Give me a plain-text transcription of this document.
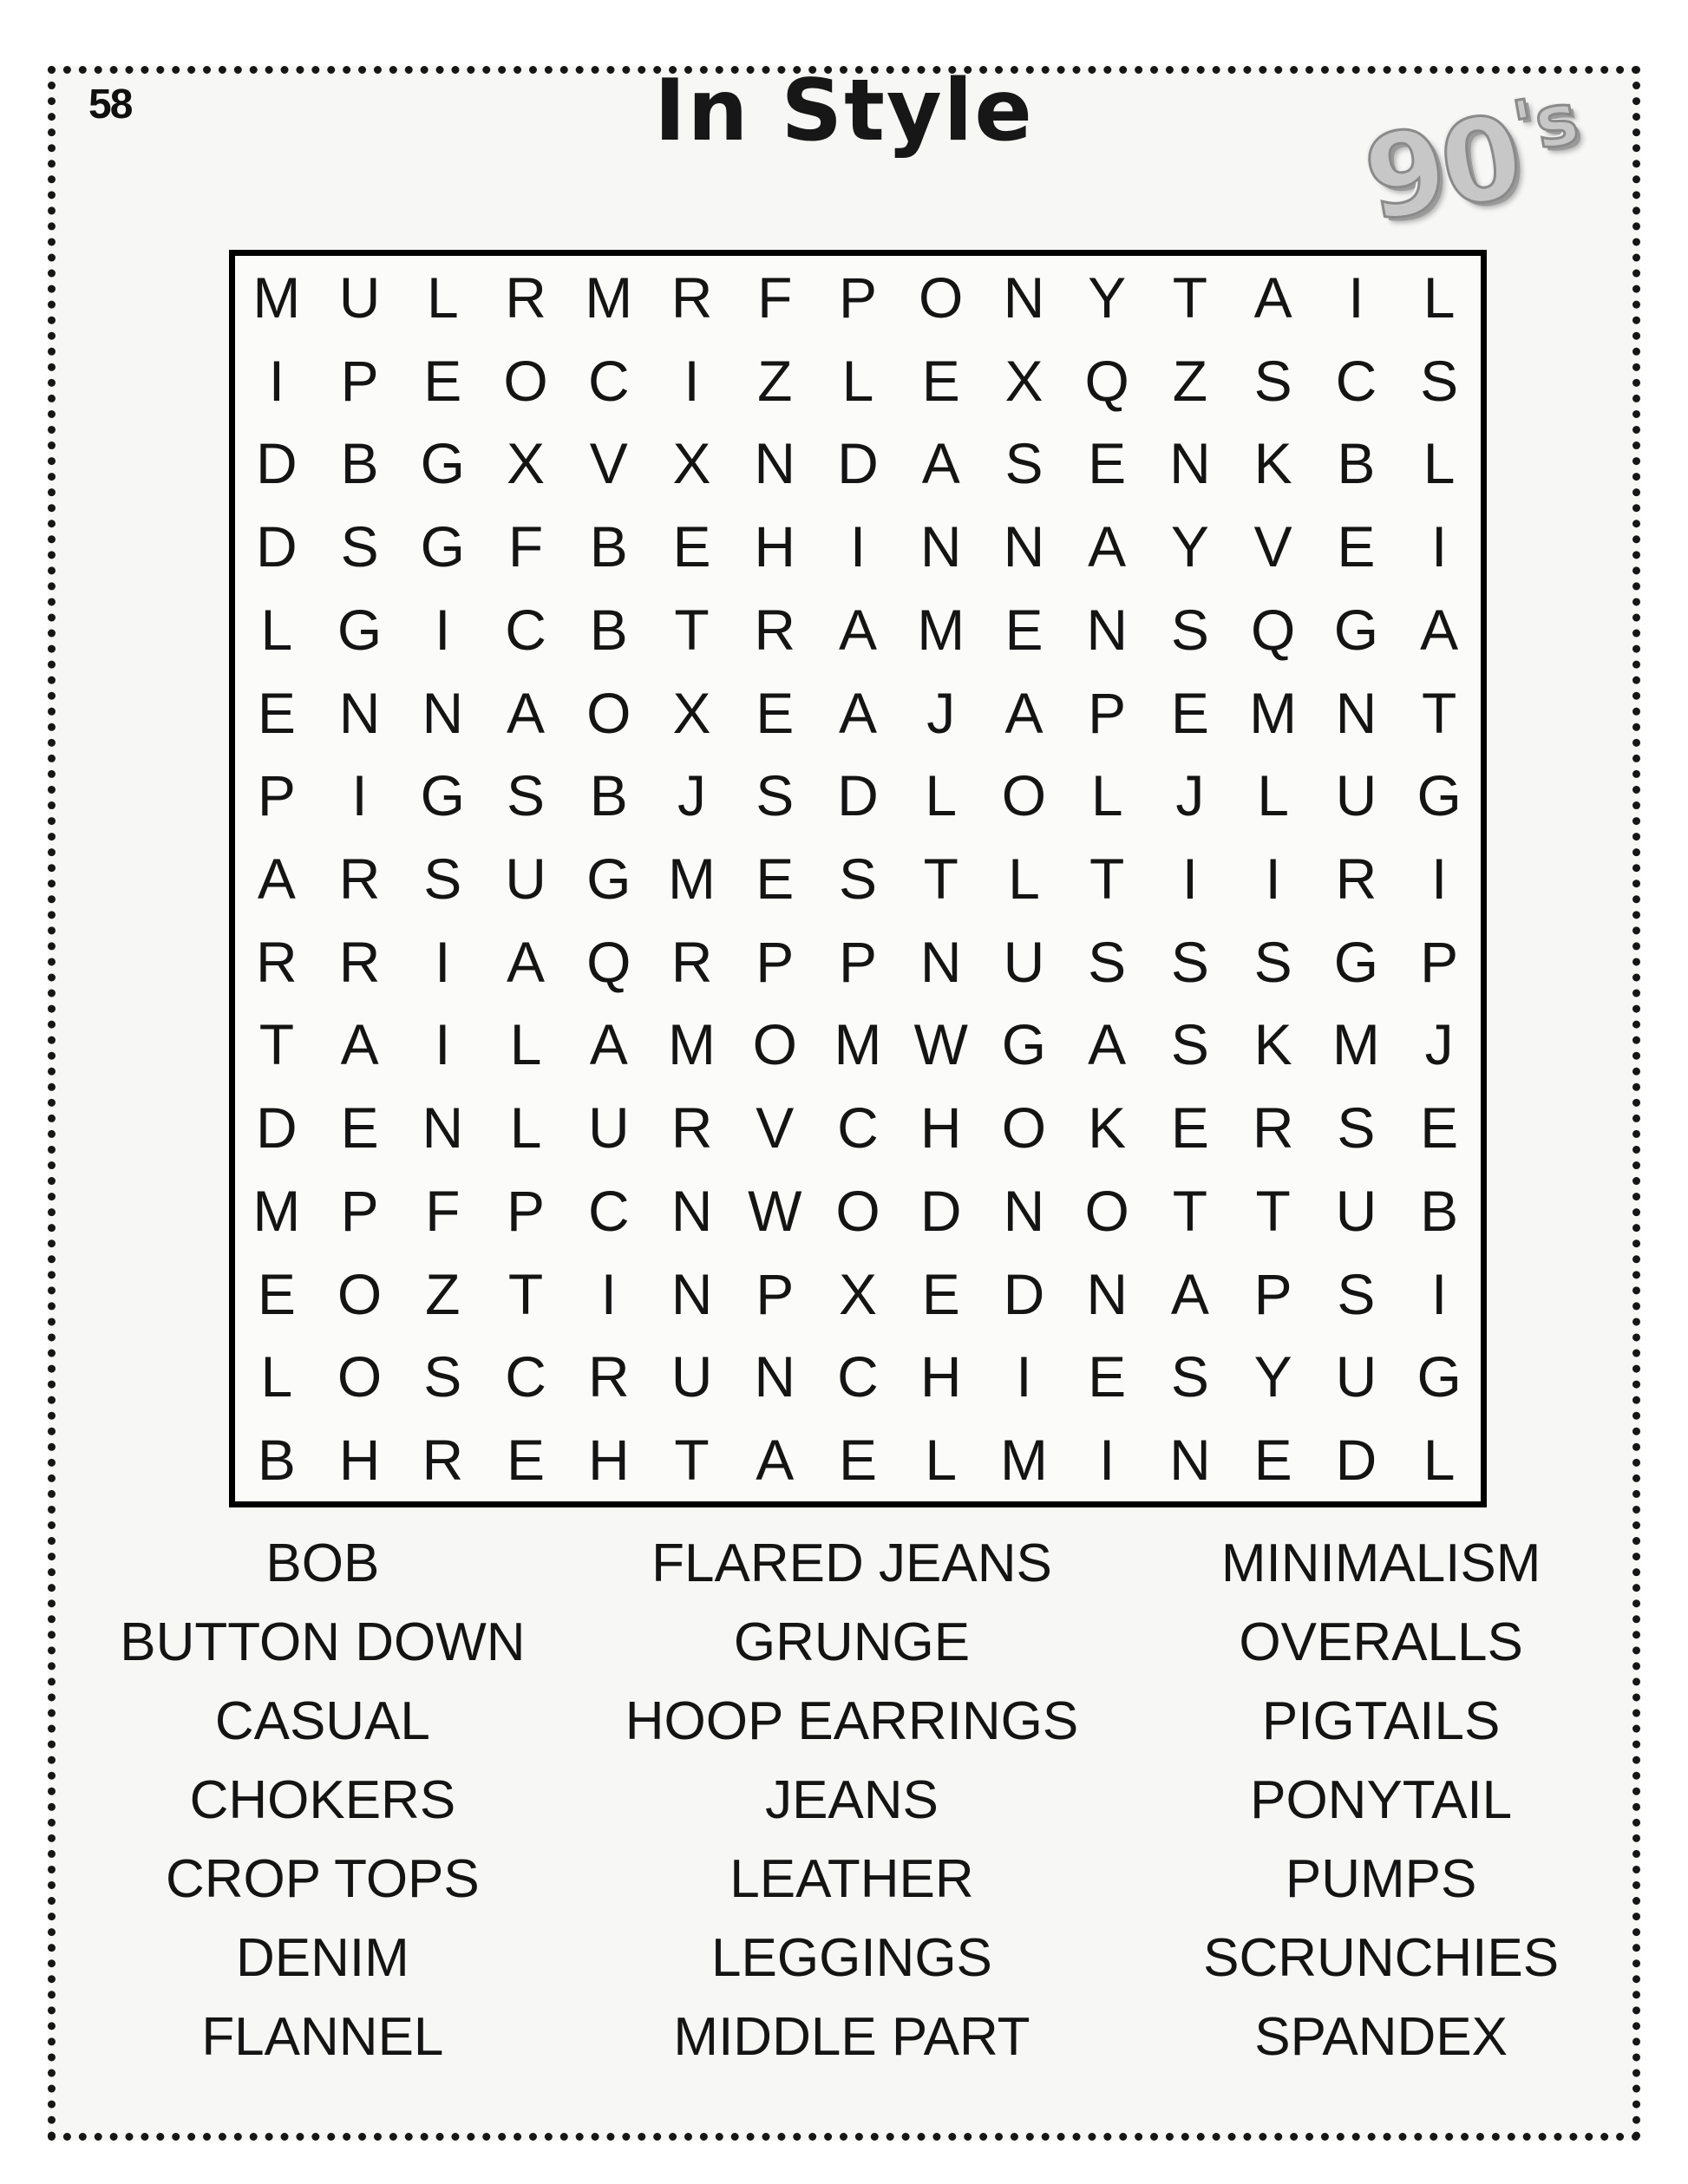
58	In Style	90's
M U L R M R F P O N Y T A I	L
I P E O C I	Z L E X Q Z S C S
D B G X V X N D A S E N K B L
D S G F B E H I N N A Y V E I
L G I C B T R A M E N S Q G A
E N N A O X E A J A P E M N T
P I G S B J S D L O L J L U G
A R S U G M E S T L T	I	I R I
R R I A Q R P P N U S S S G P
T A I	L A M O M W G A S K M J
D E N L U R V C H O K E R S E
M P F P C N W O D N O T T U B
E O Z T	I N P X E D N A P S I
L O S C R U N C H I E S Y U G
B H R E H T A E L M I N E D L
BOB	FLARED JEANS	MINIMALISM
BUTTON DOWN	GRUNGE	OVERALLS
CASUAL	HOOP EARRINGS	PIGTAILS
CHOKERS	JEANS	PONYTAIL
CROP TOPS	LEATHER	PUMPS
DENIM	LEGGINGS	SCRUNCHIES
FLANNEL	MIDDLE PART	SPANDEX
